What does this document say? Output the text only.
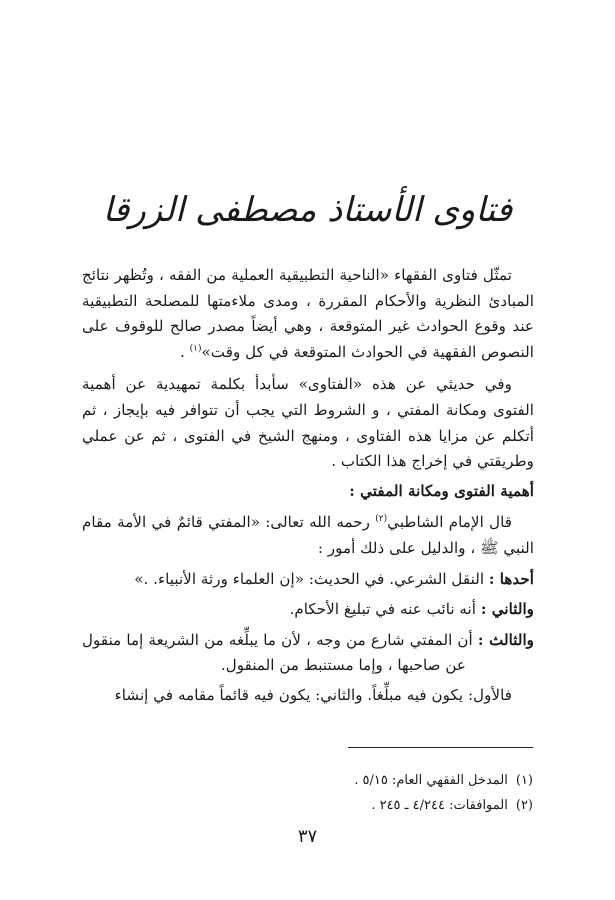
فتاوى الأستاذ مصطفى الزرقا

تمثّل فتاوى الفقهاء «الناحية التطبيقية العملية من الفقه ، وتُظهر نتائج المبادئ النظرية والأحكام المقررة ، ومدى ملاءمتها للمصلحة التطبيقية عند وقوع الحوادث غير المتوقعة ، وهي أيضاً مصدر صالح للوقوف على النصوص الفقهية في الحوادث المتوقعة في كل وقت»$^{(١)}$ .

وفي حديثي عن هذه «الفتاوى» سأبدأ بكلمة تمهيدية عن أهمية الفتوى ومكانة المفتي ، و الشروط التي يجب أن تتوافر فيه بإيجاز ، ثم أتكلم عن مزايا هذه الفتاوى ، ومنهج الشيخ في الفتوى ، ثم عن عملي وطريقتي في إخراج هذا الكتاب .

أهمية الفتوى ومكانة المفتي :

قال الإمام الشاطبي$^{(٢)}$ رحمه الله تعالى: «المفتي قائمٌ في الأمة مقام النبي ﷺ ، والدليل على ذلك أمور :

أحدها : النقل الشرعي. في الحديث: «إن العلماء ورثة الأنبياء. .»

والثاني : أنه نائب عنه في تبليغ الأحكام.

والثالث : أن المفتي شارع من وجه ، لأن ما يبلِّغه من الشريعة إما منقول عن صاحبها ، وإما مستنبط من المنقول.

فالأول: يكون فيه مبلِّغاً. والثاني: يكون فيه قائماً مقامه في إنشاء

(١)المدخل الفقهي العام: ٥/١٥ .
(٢)الموافقات: ٤/٢٤٤ ـ ٢٤٥ .
٣٧
